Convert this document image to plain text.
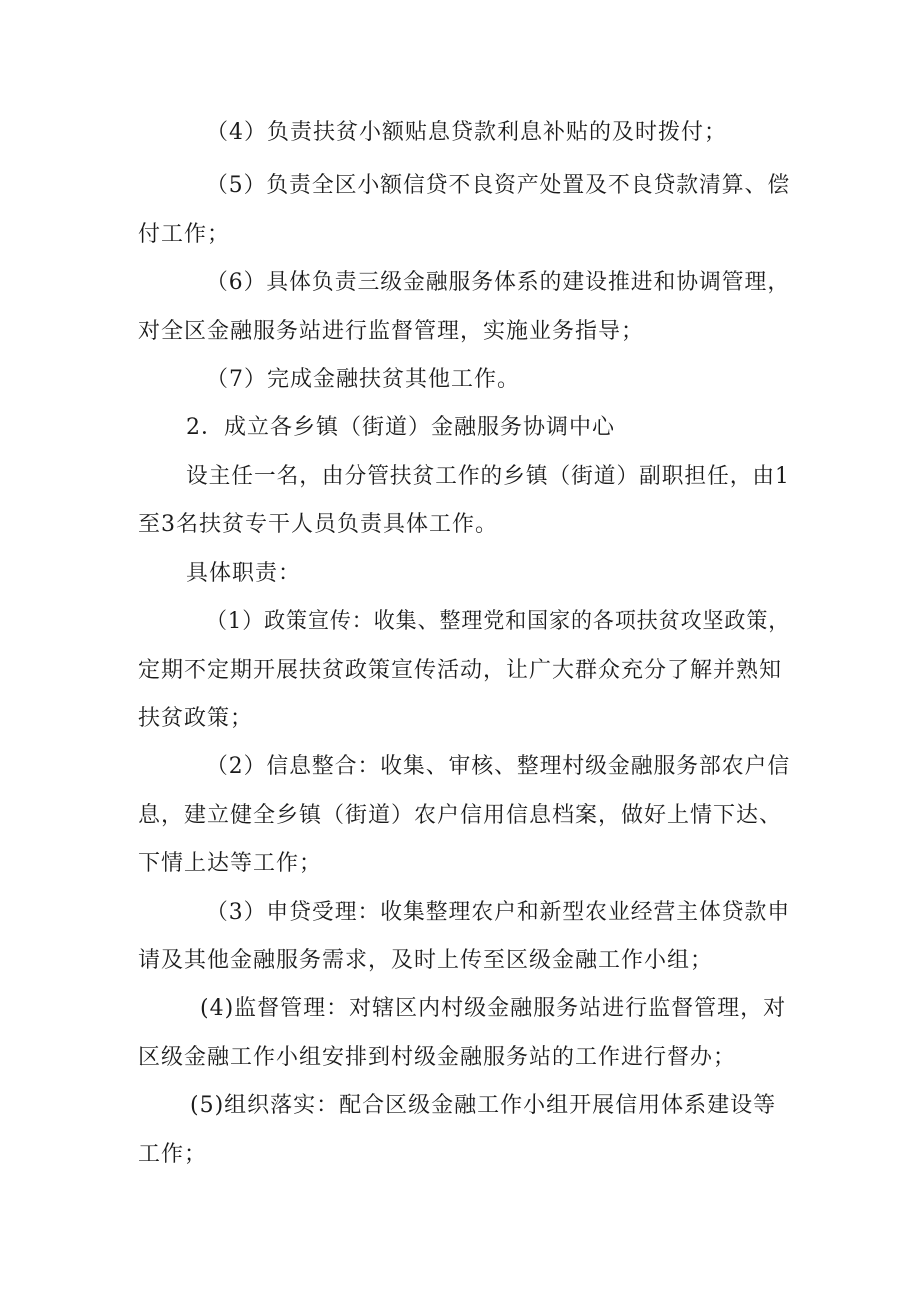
（4）负责扶贫小额贴息贷款利息补贴的及时拨付；
（5）负责全区小额信贷不良资产处置及不良贷款清算、偿
付工作；
（6）具体负责三级金融服务体系的建设推进和协调管理，
对全区金融服务站进行监督管理，实施业务指导；
（7）完成金融扶贫其他工作。
2．成立各乡镇（街道）金融服务协调中心
设主任一名，由分管扶贫工作的乡镇（街道）副职担任，由1
至3名扶贫专干人员负责具体工作。
具体职责：
（1）政策宣传：收集、整理党和国家的各项扶贫攻坚政策，
定期不定期开展扶贫政策宣传活动，让广大群众充分了解并熟知
扶贫政策；
（2）信息整合：收集、审核、整理村级金融服务部农户信
息，建立健全乡镇（街道）农户信用信息档案，做好上情下达、
下情上达等工作；
（3）申贷受理：收集整理农户和新型农业经营主体贷款申
请及其他金融服务需求，及时上传至区级金融工作小组；
(4)监督管理：对辖区内村级金融服务站进行监督管理，对
区级金融工作小组安排到村级金融服务站的工作进行督办；
(5)组织落实：配合区级金融工作小组开展信用体系建设等
工作；
